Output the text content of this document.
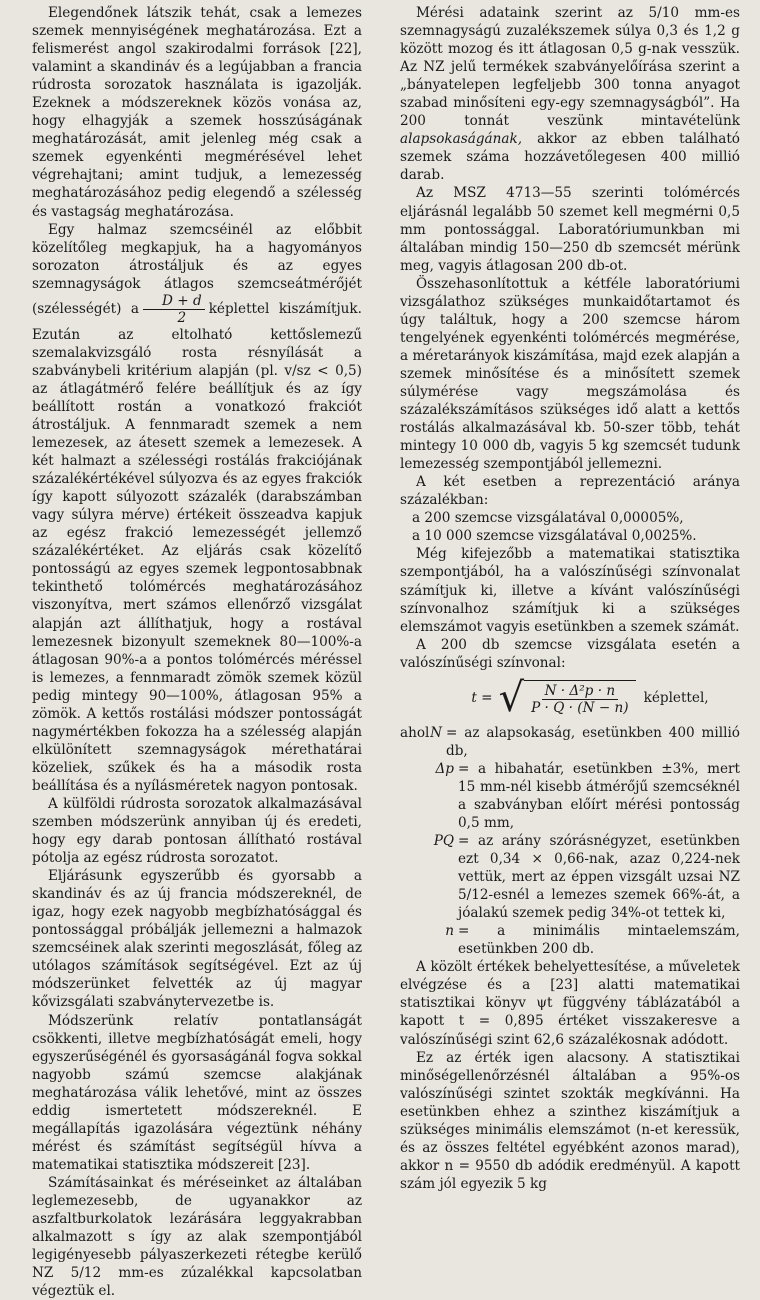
Elegendőnek látszik tehát, csak a lemezes szemek mennyiségének meghatározása. Ezt a felismerést angol szakirodalmi források [22], valamint a skandináv és a legújabban a francia rúdrosta sorozatok használata is igazolják. Ezeknek a módszereknek közös vonása az, hogy elhagyják a szemek hosszúságának meghatározását, amit jelenleg még csak a szemek egyenkénti megmérésével lehet végrehajtani; amint tudjuk, a lemezesség meghatározásához pedig elegendő a szélesség és vastagság meghatározása.

Egy halmaz szemcséinél az előbbit közelítőleg megkapjuk, ha a hagyományos sorozaton átrostáljuk és az egyes szemnagyságok átlagos szemcseátmérőjét (szélességét) a $\frac{D + d}{2}$ képlettel kiszámítjuk. Ezután az eltolható kettőslemezű szemalakvizsgáló rosta résnyílását a szabványbeli kritérium alapján (pl. v/sz < 0,5) az átlagátmérő felére beállítjuk és az így beállított rostán a vonatkozó frakciót átrostáljuk. A fennmaradt szemek a nem lemezesek, az átesett szemek a lemezesek. A két halmazt a szélességi rostálás frakciójának százalékértékével súlyozva és az egyes frakciók így kapott súlyozott százalék (darabszámban vagy súlyra mérve) értékeit összeadva kapjuk az egész frakció lemezességét jellemző százalékértéket. Az eljárás csak közelítő pontosságú az egyes szemek legpontosabbnak tekinthető tolómércés meghatározásához viszonyítva, mert számos ellenőrző vizsgálat alapján azt állíthatjuk, hogy a rostával lemezesnek bizonyult szemeknek 80—100%-a átlagosan 90%-a a pontos tolómércés méréssel is lemezes, a fennmaradt zömök szemek közül pedig mintegy 90—100%, átlagosan 95% a zömök. A kettős rostálási módszer pontosságát nagymértékben fokozza ha a szélesség alapján elkülönített szemnagyságok mérethatárai közeliek, szűkek és ha a második rosta beállítása és a nyílásméretek nagyon pontosak.

A külföldi rúdrosta sorozatok alkalmazásával szemben módszerünk annyiban új és eredeti, hogy egy darab pontosan állítható rostával pótolja az egész rúdrosta sorozatot.

Eljárásunk egyszerűbb és gyorsabb a skandináv és az új francia módszereknél, de igaz, hogy ezek nagyobb megbízhatósággal és pontossággal próbálják jellemezni a halmazok szemcséinek alak szerinti megoszlását, főleg az utólagos számítások segítségével. Ezt az új módszerünket felvették az új magyar kővizsgálati szabványtervezetbe is.

Módszerünk relatív pontatlanságát csökkenti, illetve megbízhatóságát emeli, hogy egyszerűségénél és gyorsaságánál fogva sokkal nagyobb számú szemcse alakjának meghatározása válik lehetővé, mint az összes eddig ismertetett módszereknél. E megállapítás igazolására végeztünk néhány mérést és számítást segítségül hívva a matematikai statisztika módszereit [23].

Számításainkat és méréseinket az általában leglemezesebb, de ugyanakkor az aszfaltburkolatok lezárására leggyakrabban alkalmazott s így az alak szempontjából legigényesebb pályaszerkezeti rétegbe kerülő NZ 5/12 mm-es zúzalékkal kapcsolatban végeztük el.

Mérési adataink szerint az 5/10 mm-es szemnagyságú zuzalékszemek súlya 0,3 és 1,2 g között mozog és itt átlagosan 0,5 g-nak vesszük. Az NZ jelű termékek szabványelőírása szerint a „bányatelepen legfeljebb 300 tonna anyagot szabad minősíteni egy-egy szemnagyságból”. Ha 200 tonnát veszünk mintavételünk alapsokaságának, akkor az ebben található szemek száma hozzávetőlegesen 400 millió darab.

Az MSZ 4713—55 szerinti tolómércés eljárásnál legalább 50 szemet kell megmérni 0,5 mm pontossággal. Laboratóriumunkban mi általában mindig 150—250 db szemcsét mérünk meg, vagyis átlagosan 200 db-ot.

Összehasonlítottuk a kétféle laboratóriumi vizsgálathoz szükséges munkaidőtartamot és úgy találtuk, hogy a 200 szemcse három tengelyének egyenkénti tolómércés megmérése, a méretarányok kiszámítása, majd ezek alapján a szemek minősítése és a minősített szemek súlymérése vagy megszámolása és százalékszámításos szükséges idő alatt a kettős rostálás alkalmazásával kb. 50-szer több, tehát mintegy 10 000 db, vagyis 5 kg szemcsét tudunk lemezesség szempontjából jellemezni.

A két esetben a reprezentáció aránya százalékban:

a 200 szemcse vizsgálatával 0,00005%,

a 10 000 szemcse vizsgálatával 0,0025%.

Még kifejezőbb a matematikai statisztika szempontjából, ha a valószínűségi színvonalat számítjuk ki, illetve a kívánt valószínűségi színvonalhoz számítjuk ki a szükséges elemszámot vagyis esetünkben a szemek számát.

A 200 db szemcse vizsgálata esetén a valószínűségi színvonal:

t = √ $\frac{\text{N · Δ²p · n}}{P \cdot Q \cdot (N - n)}$ képlettel,
ahol N = az alapsokaság, esetünkben 400 millió db,
Δp = a hibahatár, esetünkben ±3%, mert 15 mm-nél kisebb átmérőjű szemcséknél a szabványban előírt mérési pontosság 0,5 mm,
PQ = az arány szórásnégyzet, esetünkben ezt 0,34 × 0,66-nak, azaz 0,224-nek vettük, mert az éppen vizsgált uzsai NZ 5/12-esnél a lemezes szemek 66%-át, a jóalakú szemek pedig 34%-ot tettek ki,
n = a minimális mintaelemszám, esetünkben 200 db.

A közölt értékek behelyettesítése, a műveletek elvégzése és a [23] alatti matematikai statisztikai könyv ψt függvény táblázatából a kapott t = 0,895 értéket visszakeresve a valószínűségi szint 62,6 százalékosnak adódott.

Ez az érték igen alacsony. A statisztikai minőségellenőrzésnél általában a 95%-os valószínűségi szintet szokták megkívánni. Ha esetünkben ehhez a szinthez kiszámítjuk a szükséges minimális elemszámot (n-et keressük, és az összes feltétel egyébként azonos marad), akkor n = 9550 db adódik eredményül. A kapott szám jól egyezik 5 kg
